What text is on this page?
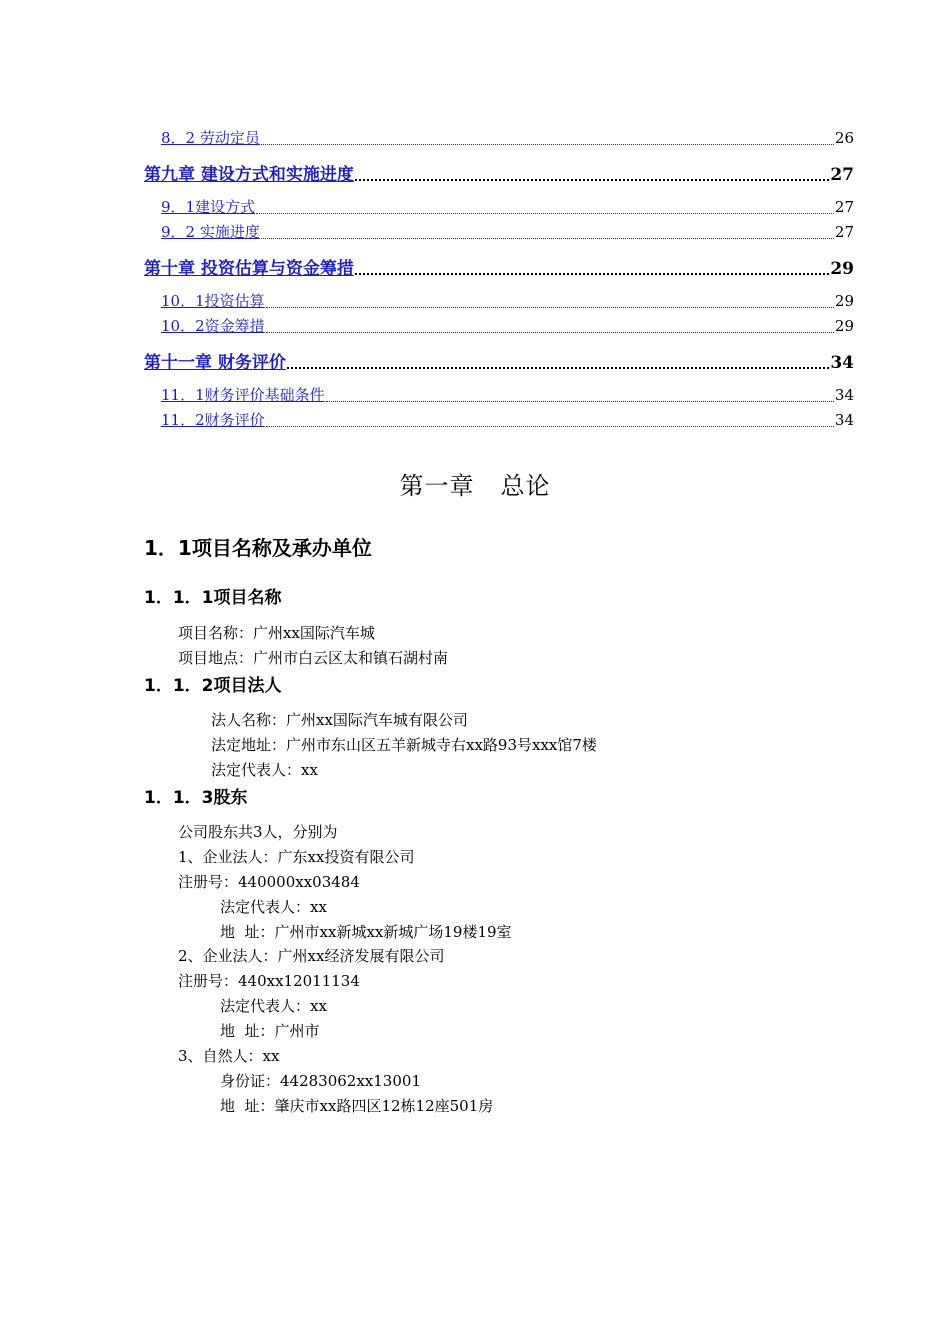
8．2 劳动定员	26
第九章 建设方式和实施进度	27
9．1建设方式	27
9．2 实施进度	27
第十章 投资估算与资金筹措	29
10．1投资估算	29
10．2资金筹措	29
第十一章 财务评价	34
11．1财务评价基础条件	34
11．2财务评价	34
第一章 总论
1．1项目名称及承办单位
1．1．1项目名称
项目名称：广州xx国际汽车城
项目地点：广州市白云区太和镇石湖村南
1．1．2项目法人
法人名称：广州xx国际汽车城有限公司
法定地址：广州市东山区五羊新城寺右xx路93号xxx馆7楼
法定代表人：xx
1．1．3股东
公司股东共3人，分别为
1、企业法人：广东xx投资有限公司
注册号：440000xx03484
法定代表人：xx
地  址：广州市xx新城xx新城广场19楼19室
2、企业法人：广州xx经济发展有限公司
注册号：440xx12011134
法定代表人：xx
地  址：广州市
3、自然人：xx
身份证：44283062xx13001
地  址：肇庆市xx路四区12栋12座501房
